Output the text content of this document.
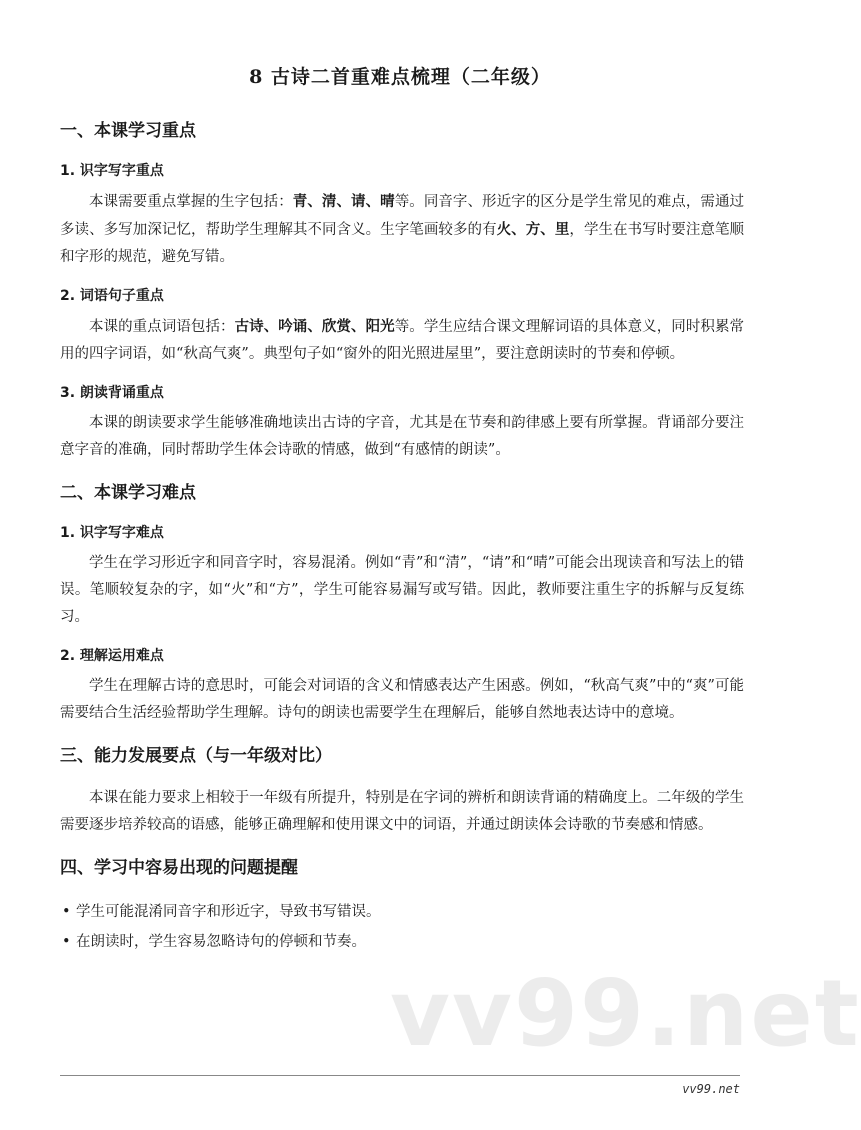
8 古诗二首重难点梳理（二年级）
一、本课学习重点
1. 识字写字重点

本课需要重点掌握的生字包括：青、清、请、晴等。同音字、形近字的区分是学生常见的难点，需通过多读、多写加深记忆，帮助学生理解其不同含义。生字笔画较多的有火、方、里，学生在书写时要注意笔顺和字形的规范，避免写错。

2. 词语句子重点

本课的重点词语包括：古诗、吟诵、欣赏、阳光等。学生应结合课文理解词语的具体意义，同时积累常用的四字词语，如“秋高气爽”。典型句子如“窗外的阳光照进屋里”，要注意朗读时的节奏和停顿。

3. 朗读背诵重点

本课的朗读要求学生能够准确地读出古诗的字音，尤其是在节奏和韵律感上要有所掌握。背诵部分要注意字音的准确，同时帮助学生体会诗歌的情感，做到“有感情的朗读”。

二、本课学习难点
1. 识字写字难点

学生在学习形近字和同音字时，容易混淆。例如“青”和“清”，“请”和“晴”可能会出现读音和写法上的错误。笔顺较复杂的字，如“火”和“方”，学生可能容易漏写或写错。因此，教师要注重生字的拆解与反复练习。

2. 理解运用难点

学生在理解古诗的意思时，可能会对词语的含义和情感表达产生困惑。例如，“秋高气爽”中的“爽”可能需要结合生活经验帮助学生理解。诗句的朗读也需要学生在理解后，能够自然地表达诗中的意境。

三、能力发展要点（与一年级对比）

本课在能力要求上相较于一年级有所提升，特别是在字词的辨析和朗读背诵的精确度上。二年级的学生需要逐步培养较高的语感，能够正确理解和使用课文中的词语，并通过朗读体会诗歌的节奏感和情感。

四、学习中容易出现的问题提醒
• 学生可能混淆同音字和形近字，导致书写错误。
• 在朗读时，学生容易忽略诗句的停顿和节奏。
vv99.net
vv99.net
